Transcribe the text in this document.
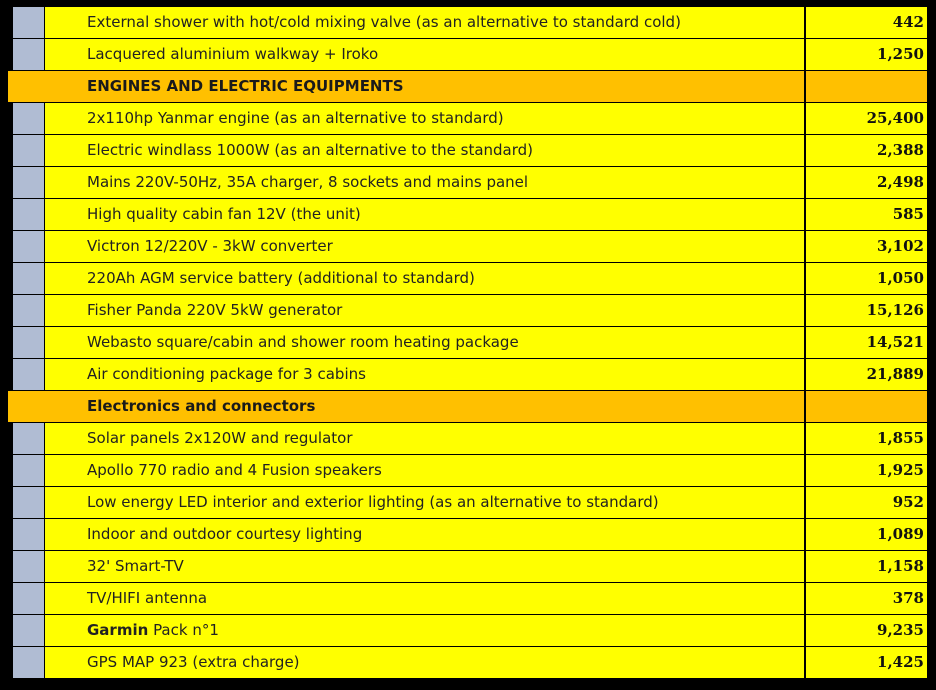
External shower with hot/cold mixing valve (as an alternative to standard cold)	442
Lacquered aluminium walkway + Iroko	1,250
ENGINES AND ELECTRIC EQUIPMENTS
2x110hp Yanmar engine (as an alternative to standard)	25,400
Electric windlass 1000W (as an alternative to the standard)	2,388
Mains 220V-50Hz, 35A charger, 8 sockets and mains panel	2,498
High quality cabin fan 12V (the unit)	585
Victron 12/220V - 3kW converter	3,102
220Ah AGM service battery (additional to standard)	1,050
Fisher Panda 220V 5kW generator	15,126
Webasto square/cabin and shower room heating package	14,521
Air conditioning package for 3 cabins	21,889
Electronics and connectors
Solar panels 2x120W and regulator	1,855
Apollo 770 radio and 4 Fusion speakers	1,925
Low energy LED interior and exterior lighting (as an alternative to standard)	952
Indoor and outdoor courtesy lighting	1,089
32' Smart-TV	1,158
TV/HIFI antenna	378
Garmin Pack n°1	9,235
GPS MAP 923 (extra charge)	1,425
